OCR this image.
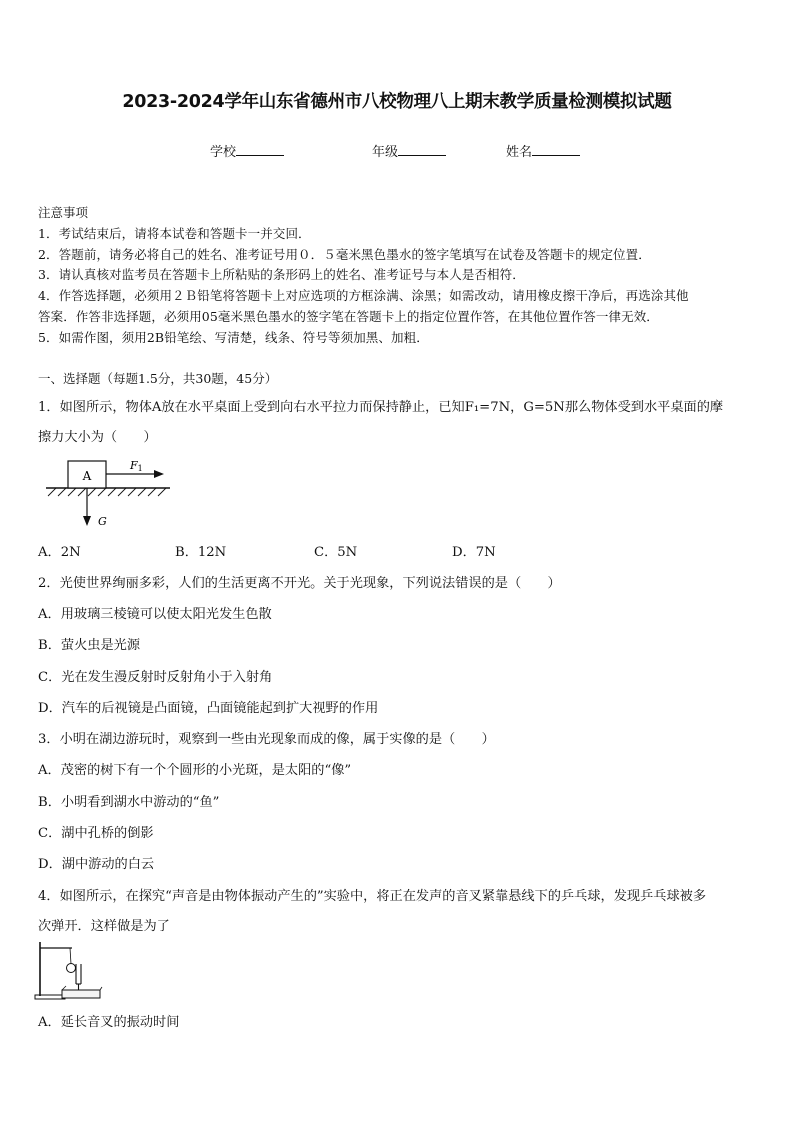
2023-2024学年山东省德州市八校物理八上期末教学质量检测模拟试题
学校	年级	姓名
注意事项
1．考试结束后，请将本试卷和答题卡一并交回．
2．答题前，请务必将自己的姓名、准考证号用０．５毫米黑色墨水的签字笔填写在试卷及答题卡的规定位置．
3．请认真核对监考员在答题卡上所粘贴的条形码上的姓名、准考证号与本人是否相符．
4．作答选择题，必须用２Ｂ铅笔将答题卡上对应选项的方框涂满、涂黑；如需改动，请用橡皮擦干净后，再选涂其他
答案．作答非选择题，必须用05毫米黑色墨水的签字笔在答题卡上的指定位置作答，在其他位置作答一律无效．
5．如需作图，须用2B铅笔绘、写清楚，线条、符号等须加黑、加粗．
一、选择题（每题1.5分，共30题，45分）
1．如图所示，物体A放在水平桌面上受到向右水平拉力而保持静止，已知F₁=7N，G=5N那么物体受到水平桌面的摩
擦力大小为（　　）
A
F1
G
A．2N	B．12N	C．5N	D．7N
2．光使世界绚丽多彩，人们的生活更离不开光。关于光现象，下列说法错误的是（　　）
A．用玻璃三棱镜可以使太阳光发生色散
B．萤火虫是光源
C．光在发生漫反射时反射角小于入射角
D．汽车的后视镜是凸面镜，凸面镜能起到扩大视野的作用
3．小明在湖边游玩时，观察到一些由光现象而成的像，属于实像的是（　　）
A．茂密的树下有一个个圆形的小光斑，是太阳的“像”
B．小明看到湖水中游动的“鱼”
C．湖中孔桥的倒影
D．湖中游动的白云
4．如图所示，在探究“声音是由物体振动产生的”实验中，将正在发声的音叉紧靠悬线下的乒乓球，发现乒乓球被多
次弹开．这样做是为了
A．延长音叉的振动时间
